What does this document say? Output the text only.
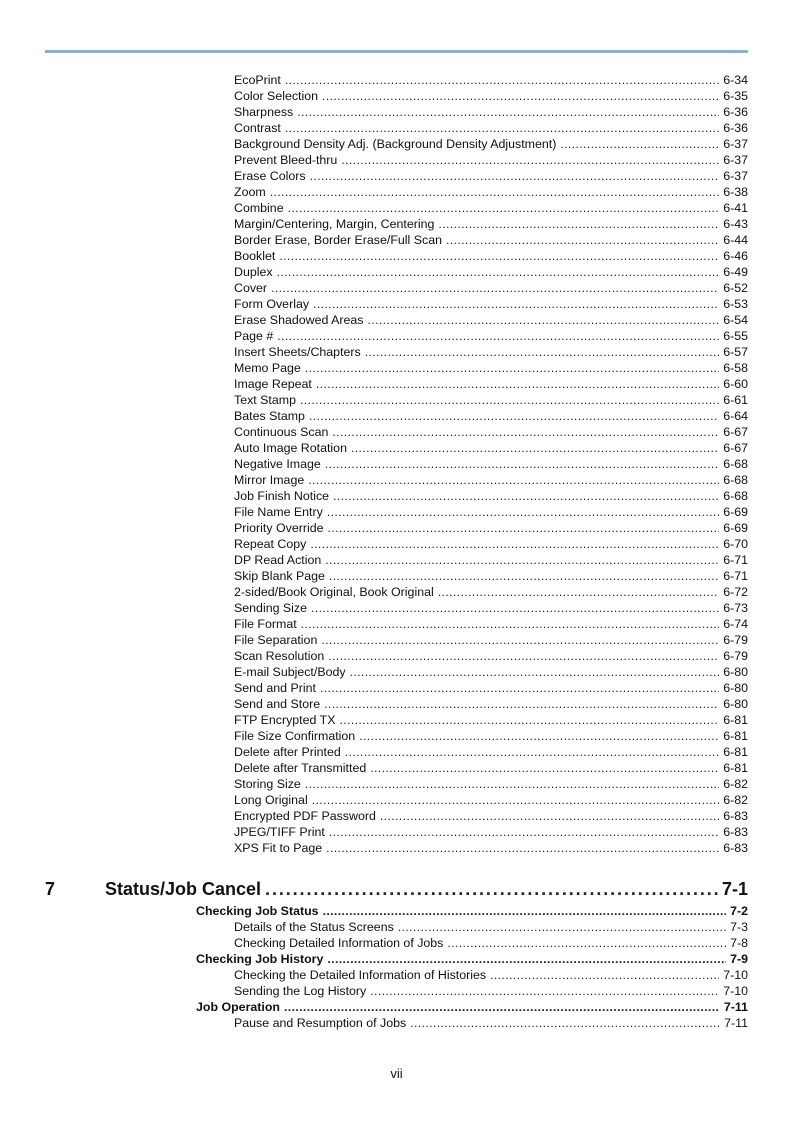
EcoPrint . . .	6-34
Color Selection . . .	6-35
Sharpness . . .	6-36
Contrast . . .	6-36
Background Density Adj. (Background Density Adjustment) . . .	6-37
Prevent Bleed-thru . . .	6-37
Erase Colors . . .	6-37
Zoom . . .	6-38
Combine . . .	6-41
Margin/Centering, Margin, Centering . . .	6-43
Border Erase, Border Erase/Full Scan . . .	6-44
Booklet . . .	6-46
Duplex . . .	6-49
Cover . . .	6-52
Form Overlay . . .	6-53
Erase Shadowed Areas . . .	6-54
Page # . . .	6-55
Insert Sheets/Chapters . . .	6-57
Memo Page . . .	6-58
Image Repeat . . .	6-60
Text Stamp . . .	6-61
Bates Stamp . . .	6-64
Continuous Scan . . .	6-67
Auto Image Rotation . . .	6-67
Negative Image . . .	6-68
Mirror Image . . .	6-68
Job Finish Notice . . .	6-68
File Name Entry . . .	6-69
Priority Override . . .	6-69
Repeat Copy . . .	6-70
DP Read Action . . .	6-71
Skip Blank Page . . .	6-71
2-sided/Book Original, Book Original . . .	6-72
Sending Size . . .	6-73
File Format . . .	6-74
File Separation . . .	6-79
Scan Resolution . . .	6-79
E-mail Subject/Body . . .	6-80
Send and Print . . .	6-80
Send and Store . . .	6-80
FTP Encrypted TX . . .	6-81
File Size Confirmation . . .	6-81
Delete after Printed . . .	6-81
Delete after Transmitted . . .	6-81
Storing Size . . .	6-82
Long Original . . .	6-82
Encrypted PDF Password . . .	6-83
JPEG/TIFF Print . . .	6-83
XPS Fit to Page . . .	6-83
7	Status/Job Cancel . . .	7-1
Checking Job Status . . .	7-2
Details of the Status Screens . . .	7-3
Checking Detailed Information of Jobs . . .	7-8
Checking Job History . . .	7-9
Checking the Detailed Information of Histories . . .	7-10
Sending the Log History . . .	7-10
Job Operation . . .	7-11
Pause and Resumption of Jobs . . .	7-11
vii
